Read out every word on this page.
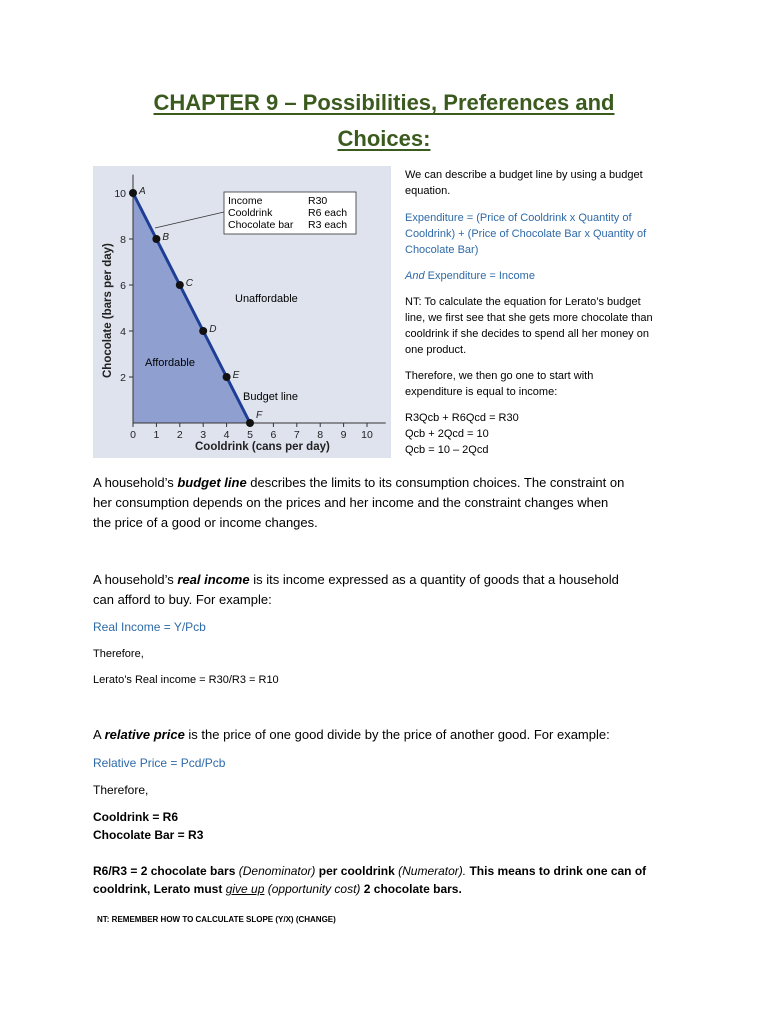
CHAPTER 9 – Possibilities, Preferences and
Choices:
0 1 2 3 4 5 6 7 8 9 10
2
4
6
8
10 A
B
C
D
E
F
Unaffordable
Affordable
Budget line
Chocolate (bars per day)
Cooldrink (cans per day)
Income	R30
Cooldrink	R6 each
Chocolate bar R3 each
We can describe a budget line by using a budget
equation.
Expenditure = (Price of Cooldrink x Quantity of
Cooldrink) + (Price of Chocolate Bar x Quantity of
Chocolate Bar)
And Expenditure = Income
NT: To calculate the equation for Lerato’s budget
line, we first see that she gets more chocolate than
cooldrink if she decides to spend all her money on
one product.
Therefore, we then go one to start with
expenditure is equal to income:
R3Qcb + R6Qcd = R30
Qcb + 2Qcd = 10
Qcb = 10 – 2Qcd
A household’s budget line describes the limits to its consumption choices. The constraint on
her consumption depends on the prices and her income and the constraint changes when
the price of a good or income changes.
A household’s real income is its income expressed as a quantity of goods that a household
can afford to buy. For example:
Real Income = Y/Pcb
Therefore,
Lerato’s Real income = R30/R3 = R10
A relative price is the price of one good divide by the price of another good. For example:
Relative Price = Pcd/Pcb
Therefore,
Cooldrink = R6
Chocolate Bar = R3
R6/R3 = 2 chocolate bars (Denominator) per cooldrink (Numerator). This means to drink one can of
cooldrink, Lerato must give up (opportunity cost) 2 chocolate bars.
NT: REMEMBER HOW TO CALCULATE SLOPE (Y/X) (CHANGE)
